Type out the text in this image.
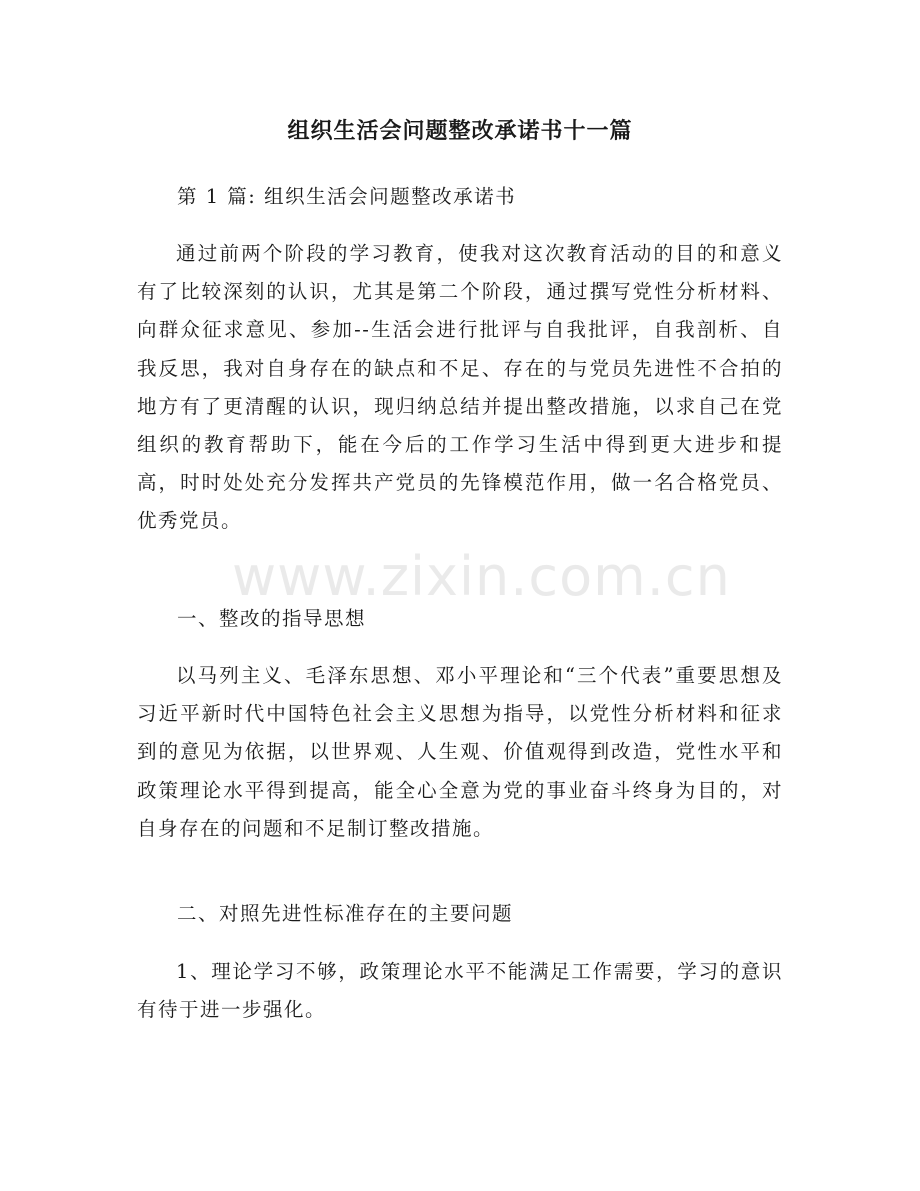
组织生活会问题整改承诺书十一篇

第 1 篇: 组织生活会问题整改承诺书

通过前两个阶段的学习教育，使我对这次教育活动的目的和意义有了比较深刻的认识，尤其是第二个阶段，通过撰写党性分析材料、向群众征求意见、参加--生活会进行批评与自我批评，自我剖析、自我反思，我对自身存在的缺点和不足、存在的与党员先进性不合拍的地方有了更清醒的认识，现归纳总结并提出整改措施，以求自己在党组织的教育帮助下，能在今后的工作学习生活中得到更大进步和提高，时时处处充分发挥共产党员的先锋模范作用，做一名合格党员、优秀党员。

一、整改的指导思想

以马列主义、毛泽东思想、邓小平理论和“三个代表”重要思想及习近平新时代中国特色社会主义思想为指导，以党性分析材料和征求到的意见为依据，以世界观、人生观、价值观得到改造，党性水平和政策理论水平得到提高，能全心全意为党的事业奋斗终身为目的，对自身存在的问题和不足制订整改措施。

二、对照先进性标准存在的主要问题

1、理论学习不够，政策理论水平不能满足工作需要，学习的意识有待于进一步强化。

www.zixin.com.cn
